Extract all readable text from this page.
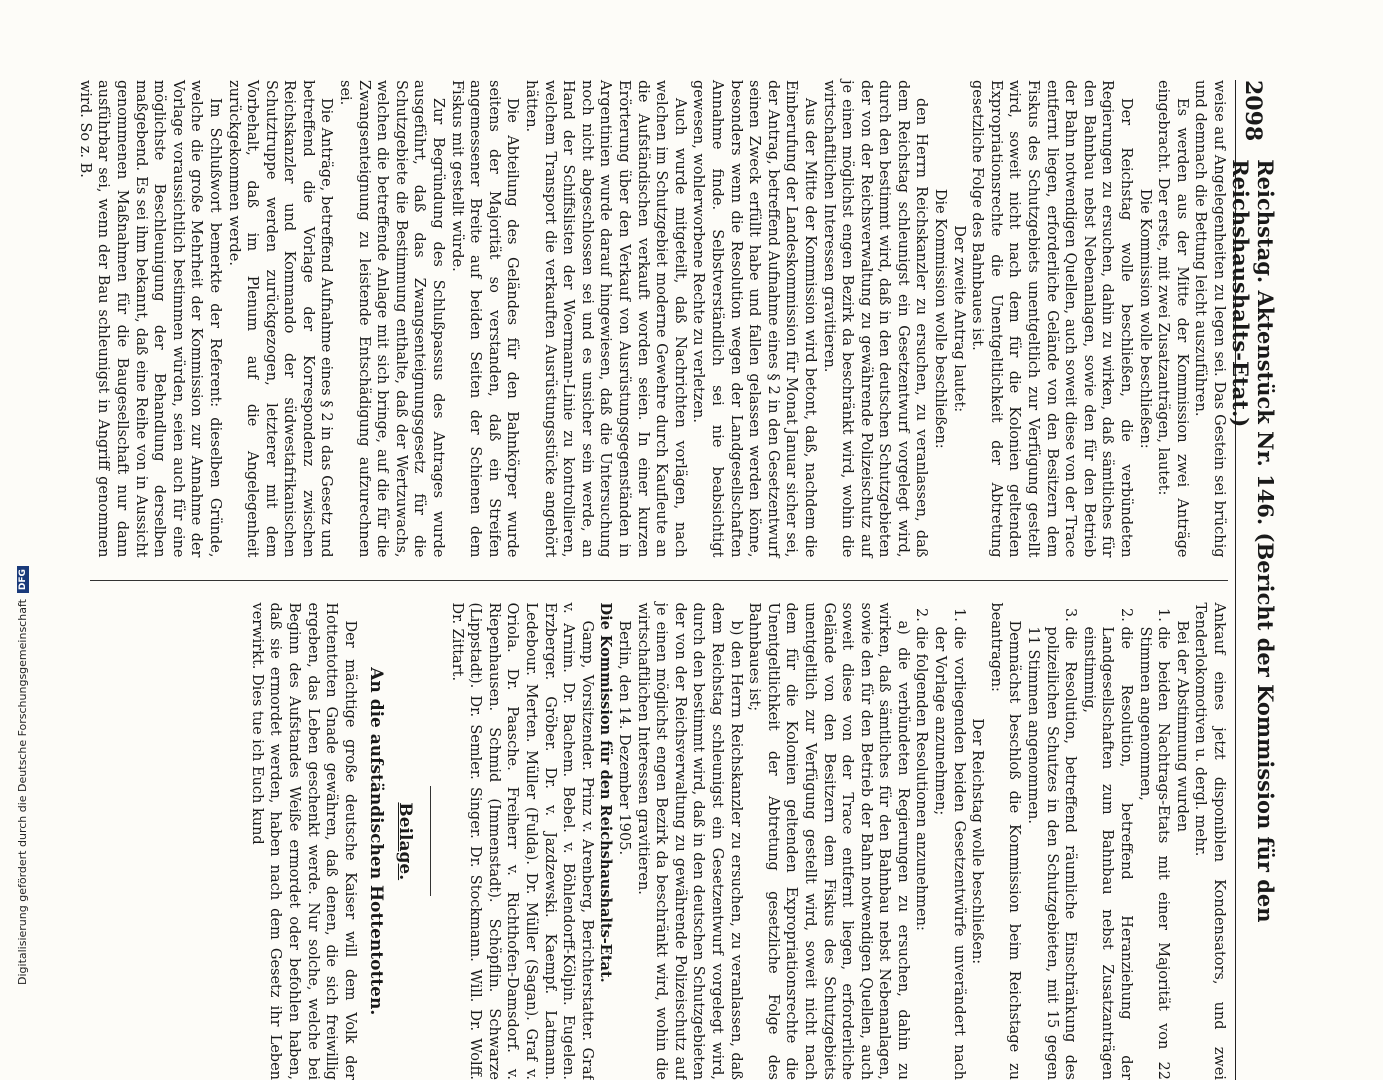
Digitalisierung gefördert durch die Deutsche Forschungsgemeinschaft
DFG
2098
Reichstag. Aktenstück Nr. 146. (Bericht der Kommission für den Reichshaushalts-Etat.)

weise auf Angelegenheiten zu legen sei. Das Gestein sei brüchig und demnach die Bettung leicht auszuführen.

Es werden aus der Mitte der Kommission zwei Anträge eingebracht. Der erste, mit zwei Zusatzanträgen, lautet:

Die Kommission wolle beschließen:

Der Reichstag wolle beschließen, die verbündeten Regierungen zu ersuchen, dahin zu wirken, daß sämtliches für den Bahnbau nebst Nebenanlagen, sowie den für den Betrieb der Bahn notwendigen Quellen, auch soweit diese von der Trace entfernt liegen, erforderliche Gelände von den Besitzern dem Fiskus des Schutzgebiets unentgeltlich zur Verfügung gestellt wird, soweit nicht nach dem für die Kolonien geltenden Expropriationsrechte die Unentgeltlichkeit der Abtretung gesetzliche Folge des Bahnbaues ist.

Der zweite Antrag lautet:

Die Kommission wolle beschließen:

den Herrn Reichskanzler zu ersuchen, zu veranlassen, daß dem Reichstag schleunigst ein Gesetzentwurf vorgelegt wird, durch den bestimmt wird, daß in den deutschen Schutzgebieten der von der Reichsverwaltung zu gewährende Polizeischutz auf je einen möglichst engen Bezirk da beschränkt wird, wohin die wirtschaftlichen Interessen gravitieren.

Aus der Mitte der Kommission wird betont, daß, nachdem die Einberufung der Landeskommission für Monat Januar sicher sei, der Antrag, betreffend Aufnahme eines § 2 in den Gesetzentwurf seinen Zweck erfüllt habe und fallen gelassen werden könne, besonders wenn die Resolution wegen der Landgesellschaften Annahme finde. Selbstverständlich sei nie beabsichtigt gewesen, wohlerworbene Rechte zu verletzen.

Auch wurde mitgeteilt, daß Nachrichten vorlägen, nach welchen im Schutzgebiet moderne Gewehre durch Kaufleute an die Aufständischen verkauft worden seien. In einer kurzen Erörterung über den Verkauf von Ausrüstungsgegenständen in Argentinien wurde darauf hingewiesen, daß die Untersuchung noch nicht abgeschlossen sei und es unsicher sein werde, an Hand der Schiffslisten der Woermann-Linie zu kontrollieren, welchem Transport die verkauften Ausrüstungsstücke angehört hätten.

Die Abteilung des Geländes für den Bahnkörper wurde seitens der Majorität so verstanden, daß ein Streifen angemessener Breite auf beiden Seiten der Schienen dem Fiskus mit gestellt würde.

Zur Begründung des Schlußpassus des Antrages wurde ausgeführt, daß das Zwangsenteignungsgesetz für die Schutzgebiete die Bestimmung enthalte, daß der Wertzuwachs, welchen die betreffende Anlage mit sich bringe, auf die für die Zwangsenteignung zu leistende Entschädigung aufzurechnen sei.

Die Anträge, betreffend Aufnahme eines § 2 in das Gesetz und betreffend die Vorlage der Korrespondenz zwischen Reichskanzler und Kommando der südwestafrikanischen Schutztruppe werden zurückgezogen, letzterer mit dem Vorbehalt, daß im Plenum auf die Angelegenheit zurückgekommen werde.

Im Schlußwort bemerkte der Referent: dieselben Gründe, welche die große Mehrheit der Kommission zur Annahme der Vorlage voraussichtlich bestimmen würden, seien auch für eine möglichste Beschleunigung der Behandlung derselben maßgebend. Es sei ihm bekannt, daß eine Reihe von in Aussicht genommenen Maßnahmen für die Baugesellschaft nur dann ausführbar sei, wenn der Bau schleunigst in Angriff genommen wird. So z. B.

Ankauf eines jetzt disponiblen Kondensators, und zwei Tenderlokomotiven u. dergl. mehr.

Bei der Abstimmung wurden

1. die beiden Nachtrags-Etats mit einer Majorität von 22 Stimmen angenommen,
2. die Resolution, betreffend Heranziehung der Landgesellschaften zum Bahnbau nebst Zusatzanträgen einstimmig,
3. die Resolution, betreffend räumliche Einschränkung des polizeilichen Schutzes in den Schutzgebieten, mit 15 gegen 11 Stimmen angenommen.

Demnächst beschloß die Kommission beim Reichstage zu beantragen:

Der Reichstag wolle beschließen:

1. die vorliegenden beiden Gesetzentwürfe unverändert nach der Vorlage anzunehmen;
2. die folgenden Resolutionen anzunehmen:

a) die verbündeten Regierungen zu ersuchen, dahin zu wirken, daß sämtliches für den Bahnbau nebst Nebenanlagen, sowie den für den Betrieb der Bahn notwendigen Quellen, auch soweit diese von der Trace entfernt liegen, erforderliche Gelände von den Besitzern dem Fiskus des Schutzgebiets unentgeltlich zur Verfügung gestellt wird, soweit nicht nach dem für die Kolonien geltenden Expropriationsrechte die Unentgeltlichkeit der Abtretung gesetzliche Folge des Bahnbaues ist;

b) den Herrn Reichskanzler zu ersuchen, zu veranlassen, daß dem Reichstag schleunigst ein Gesetzentwurf vorgelegt wird, durch den bestimmt wird, daß in den deutschen Schutzgebieten der von der Reichsverwaltung zu gewährende Polizeischutz auf je einen möglichst engen Bezirk da beschränkt wird, wohin die wirtschaftlichen Interessen gravitieren.

Berlin, den 14. Dezember 1905.

Die Kommission für den Reichshaushalts-Etat.

Gamp, Vorsitzender. Prinz v. Arenberg, Berichterstatter. Graf v. Arnim. Dr. Bachem. Bebel. v. Böhlendorff-Kölpin. Eugelen. Erzberger. Gröber. Dr. v. Jazdzewski. Kaempf. Latmann. Ledebour. Merten. Müller (Fulda). Dr. Müller (Sagan). Graf v. Oriola. Dr. Paasche. Freiherr v. Richthofen-Damsdorf. v. Riepenhausen. Schmid (Immenstadt). Schöpflin. Schwarze (Lippstadt). Dr. Semler. Singer. Dr. Stockmann. Will. Dr. Wolff. Dr. Zittart.

Beilage.
An die aufständischen Hottentotten.

Der mächtige große deutsche Kaiser will dem Volk der Hottentotten Gnade gewähren, daß denen, die sich freiwillig ergeben, das Leben geschenkt werde. Nur solche, welche bei Beginn des Aufstandes Weiße ermordet oder befohlen haben, daß sie ermordet werden, haben nach dem Gesetz ihr Leben verwirkt. Dies tue ich Euch kund
